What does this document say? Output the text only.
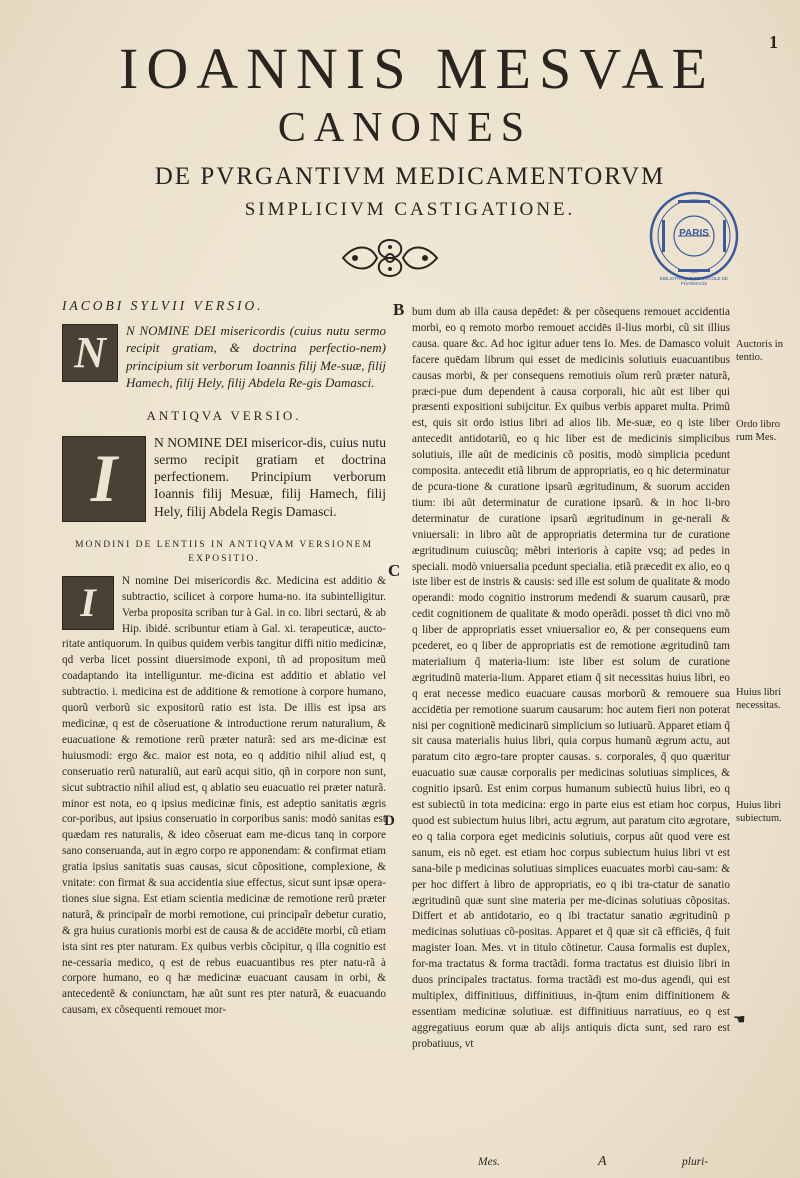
1
IOANNIS MESVAE
CANONES
DE PVRGANTIVM MEDICAMENTORVM
SIMPLICIVM CASTIGATIONE.
PARIS
BIBLIOTHÈQUE DE L'ÉCOLE DE PHARMACIE
B
C
D
IACOBI SYLVII VERSIO.
N	N NOMINE DEI misericordis (cuius nutu sermo recipit gratiam, & doctrina perfectio-nem) principium sit verborum Ioannis filij Me-suæ, filij Hamech, filij Hely, filij Abdela Re-gis Damasci.

ANTIQVA VERSIO.
I	N NOMINE DEI misericor-dis, cuius nutu sermo recipit gratiam et doctrina perfectionem. Principium verborum Ioannis filij Mesuæ, filij Hamech, filij Hely, filij Abdela Regis Damasci.

MONDINI DE LENTIIS IN ANTIQVAM VERSIONEM EXPOSITIO.
I	N nomine Dei misericordis &c. Medicina est additio & subtractio, scilicet à corpore huma-no. ita subintelligitur. Verba proposita scriban tur à Gal. in co. libri sectarú, & ab Hip. ibidé. scribuntur etiam à Gal. xi. terapeuticæ, aucto-ritate antiquorum. In quibus quidem verbis tangitur diffi nitio medicinæ, qd verba licet possint diuersimode exponi, tñ ad propositum meũ coadaptando ita intelliguntur. me-dicina est additio et ablatio vel subtractio. i. medicina est de additione & remotione à corpore humano, quorũ verborũ sic expositorũ ratio est ista. De illis est ipsa ars medicinæ, q est de cõseruatione & introductione rerum naturalium, & euacuatione & remotione rerũ præter naturã: sed ars me-dicinæ est huiusmodi: ergo &c. maior est nota, eo q additio nihil aliud est, q conseruatio rerũ naturaliũ, aut earũ acqui sitio, qñ in corpore non sunt, sicut subtractio nihil aliud est, q ablatio seu euacuatio rei præter naturã. minor est nota, eo q ipsius medicinæ finis, est adeptio sanitatis ægris cor-poribus, aut ipsius conseruatio in corporibus sanis: modò sanitas est quædam res naturalis, & ideo cõseruat eam me-dicus tanq in corpore sano conseruanda, aut in ægro corpo re apponendam: & confirmat etiam gratia ipsius sanitatis suas causas, sicut cõpositione, complexione, & vnitate: con firmat & sua accidentia siue effectus, sicut sunt ipsæ opera-tiones siue signa. Est etiam scientia medicinæ de remotione rerũ præter naturã, & principaĩr de morbi remotione, cui principaĩr debetur curatio, & gra huius curationis morbi est de causa & de accidēte morbi, cũ etiam ista sint res pter naturam. Ex quibus verbis cõcipitur, q illa cognitio est ne-cessaria medico, q est de rebus euacuantibus res pter natu-rã à corpore humano, eo q hæ medicinæ euacuant causam in orbi, & antecedentẽ & coniunctam, hæ aũt sunt res pter naturã, & euacuando causam, ex cõsequenti remouet mor-

bum dum ab illa causa depēdet: & per cõsequens remouet accidentia morbi, eo q remoto morbo remouet accidēs il-lius morbi, cũ sit illius causa. quare &c. Ad hoc igitur aduer tens Io. Mes. de Damasco voluit facere quēdam librum qui esset de medicinis solutiuis euacuantibus causas morbi, & per consequens remotiuis oĩum rerũ præter naturã, præci-pue dum dependent à causa corporali, hic aũt est liber qui præsenti expositioni subijcitur. Ex quibus verbis apparet multa. Primũ est, quis sit ordo istius libri ad alios lib. Me-suæ, eo q iste liber antecedit antidotariũ, eo q hic liber est de medicinis simplicibus solutiuis, ille aũt de medicinis cõ positis, modò simplicia pcedunt composita. antecedit etiã librum de appropriatis, eo q hic determinatur de pcura-tione & curatione ipsarũ ægritudinum, & suorum acciden tium: ibi aũt determinatur de curatione ipsarũ. & in hoc li-bro determinatur de curatione ipsarũ ægritudinum in ge-nerali & vniuersali: in libro aũt de appropriatis determina tur de curatione ægritudinum cuiuscũq; mẽbri interioris à capite vsq; ad pedes in speciali. modò vniuersalia pcedunt specialia. etiã præcedit ex alio, eo q iste liber est de instris & causis: sed ille est solum de qualitate & modo operandi: modo cognitio instrorum medendi & suarum causarũ, præ cedit cognitionem de qualitate & modo operãdi. posset tñ dici vno mõ q liber de appropriatis esset vniuersalior eo, & per consequens eum pcederet, eo q liber de appropriatis est de remotione ægritudinũ tam materialium q̃ materia-lium: iste liber est solum de curatione ægritudinũ materia-lium. Apparet etiam q̃ sit necessitas huius libri, eo q erat necesse medico euacuare causas morborũ & remouere sua accidētia per remotione suarum causarum: hoc autem fieri non poterat nisi per cognitionẽ medicinarũ simplicium so lutiuarũ. Apparet etiam q̃ sit causa materialis huius libri, quia corpus humanũ ægrum actu, aut paratum cito ægro-tare propter causas. s. corporales, q̃ quo quæritur euacuatio suæ causæ corporalis per medicinas solutiuas simplices, & cognitio ipsarũ. Est enim corpus humanum subiectũ huius libri, eo q est subiectũ in tota medicina: ergo in parte eius est etiam hoc corpus, quod est subiectum huius libri, actu ægrum, aut paratum cito ægrotare, eo q talia corpora eget medicinis solutiuis, corpus aũt quod vere est sanum, eis nõ eget. est etiam hoc corpus subiectum huius libri vt est sana-bile p medicinas solutiuas simplices euacuates morbi cau-sam: & per hoc differt à libro de appropriatis, eo q ibi tra-ctatur de sanatio ægritudinũ quæ sunt sine materia per me-dicinas solutiuas cõpositas. Differt et ab antidotario, eo q ibi tractatur sanatio ægritudinũ p medicinas solutiuas cõ-positas. Apparet et q̃ quæ sit cã efficiēs, q̃ fuit magister Ioan. Mes. vt in titulo cõtinetur. Causa formalis est duplex, for-ma tractatus & forma tractãdi. forma tractatus est diuisio libri in duos principales tractatus. forma tractãdi est mo-dus agendi, qui est multiplex, diffinitiuus, diffinitiuus, in-q̃tum enim diffinitionem & essentiam medicinæ solutiuæ. est diffinitiuus narratiuus, eo q est aggregatiuus eorum quæ ab alijs antiquis dicta sunt, sed raro est probatiuus, vt

Auctoris in tentio.
Ordo libro rum Mes.
Huius libri necessitas.
Huius libri subiectum.
☚
Mes.	A	pluri-
